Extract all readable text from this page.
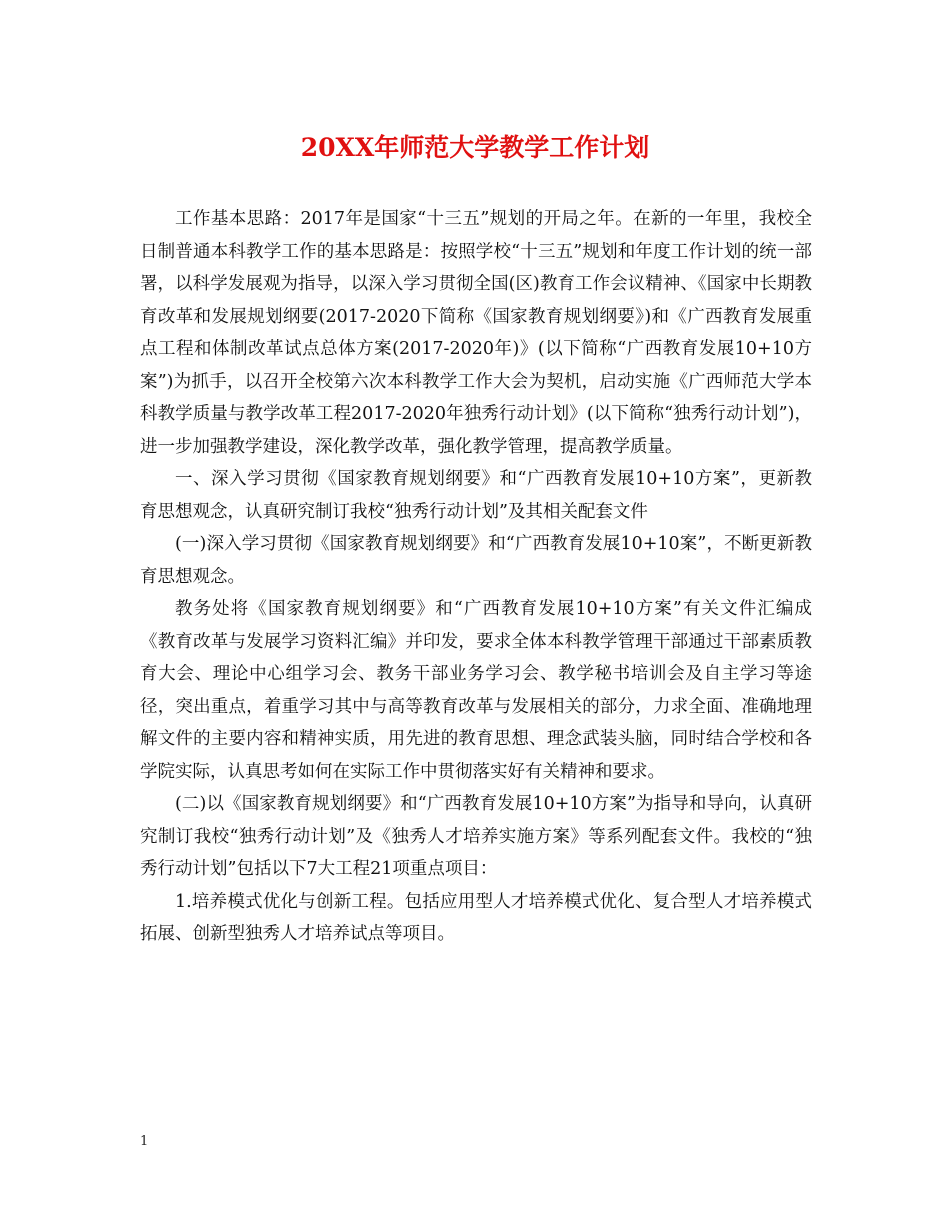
20XX年师范大学教学工作计划

工作基本思路：2017年是国家“十三五”规划的开局之年。在新的一年里，我校全日制普通本科教学工作的基本思路是：按照学校“十三五”规划和年度工作计划的统一部署，以科学发展观为指导，以深入学习贯彻全国(区)教育工作会议精神、《国家中长期教育改革和发展规划纲要(2017-2020下简称《国家教育规划纲要》)和《广西教育发展重点工程和体制改革试点总体方案(2017-2020年)》(以下简称“广西教育发展10+10方案”)为抓手，以召开全校第六次本科教学工作大会为契机，启动实施《广西师范大学本科教学质量与教学改革工程2017-2020年独秀行动计划》(以下简称“独秀行动计划”)，进一步加强教学建设，深化教学改革，强化教学管理，提高教学质量。

一、深入学习贯彻《国家教育规划纲要》和“广西教育发展10+10方案”，更新教育思想观念，认真研究制订我校“独秀行动计划”及其相关配套文件

(一)深入学习贯彻《国家教育规划纲要》和“广西教育发展10+10案”，不断更新教育思想观念。

教务处将《国家教育规划纲要》和“广西教育发展10+10方案”有关文件汇编成《教育改革与发展学习资料汇编》并印发，要求全体本科教学管理干部通过干部素质教育大会、理论中心组学习会、教务干部业务学习会、教学秘书培训会及自主学习等途径，突出重点，着重学习其中与高等教育改革与发展相关的部分，力求全面、准确地理解文件的主要内容和精神实质，用先进的教育思想、理念武装头脑，同时结合学校和各学院实际，认真思考如何在实际工作中贯彻落实好有关精神和要求。

(二)以《国家教育规划纲要》和“广西教育发展10+10方案”为指导和导向，认真研究制订我校“独秀行动计划”及《独秀人才培养实施方案》等系列配套文件。我校的“独秀行动计划”包括以下7大工程21项重点项目：

1.培养模式优化与创新工程。包括应用型人才培养模式优化、复合型人才培养模式拓展、创新型独秀人才培养试点等项目。

1
